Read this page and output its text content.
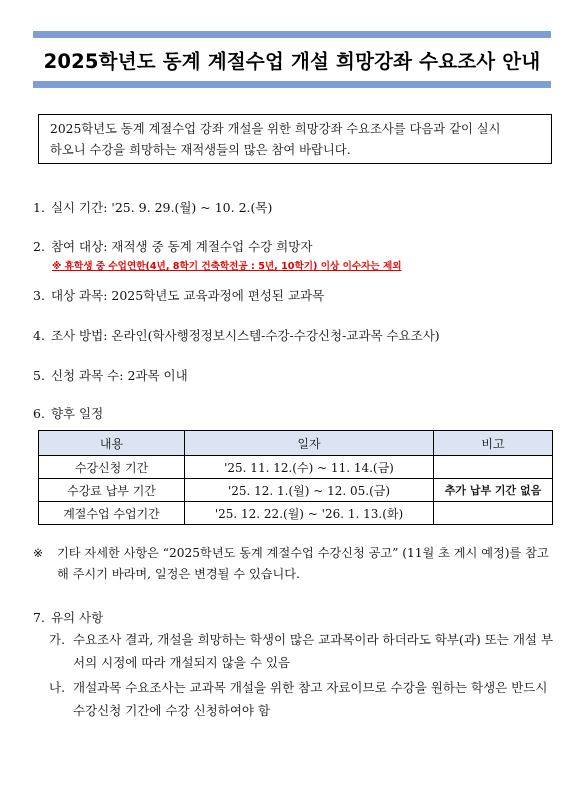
2025학년도 동계 계절수업 개설 희망강좌 수요조사 안내
2025학년도 동계 계절수업 강좌 개설을 위한 희망강좌 수요조사를 다음과 같이 실시
하오니 수강을 희망하는 재적생들의 많은 참여 바랍니다.
1. 실시 기간: '25. 9. 29.(월) ~ 10. 2.(목)
2. 참여 대상: 재적생 중 동계 계절수업 수강 희망자
※ 휴학생 중 수업연한(4년, 8학기 건축학전공 : 5년, 10학기) 이상 이수자는 제외
3. 대상 과목: 2025학년도 교육과정에 편성된 교과목
4. 조사 방법: 온라인(학사행정정보시스템-수강-수강신청-교과목 수요조사)
5. 신청 과목 수: 2과목 이내
6. 향후 일정
내용	일자	비고
수강신청 기간	'25. 11. 12.(수) ~ 11. 14.(금)	
수강료 납부 기간	'25. 12. 1.(월) ~ 12. 05.(금)	추가 납부 기간 없음
계절수업 수업기간	'25. 12. 22.(월) ~ '26. 1. 13.(화)	
※ 기타 자세한 사항은 “2025학년도 동계 계절수업 수강신청 공고” (11월 초 게시 예정)를 참고해 주시기 바라며, 일정은 변경될 수 있습니다.
7. 유의 사항
가. 수요조사 결과, 개설을 희망하는 학생이 많은 교과목이라 하더라도 학부(과) 또는 개설 부서의 시정에 따라 개설되지 않을 수 있음
나. 개설과목 수요조사는 교과목 개설을 위한 참고 자료이므로 수강을 원하는 학생은 반드시 수강신청 기간에 수강 신청하여야 함
